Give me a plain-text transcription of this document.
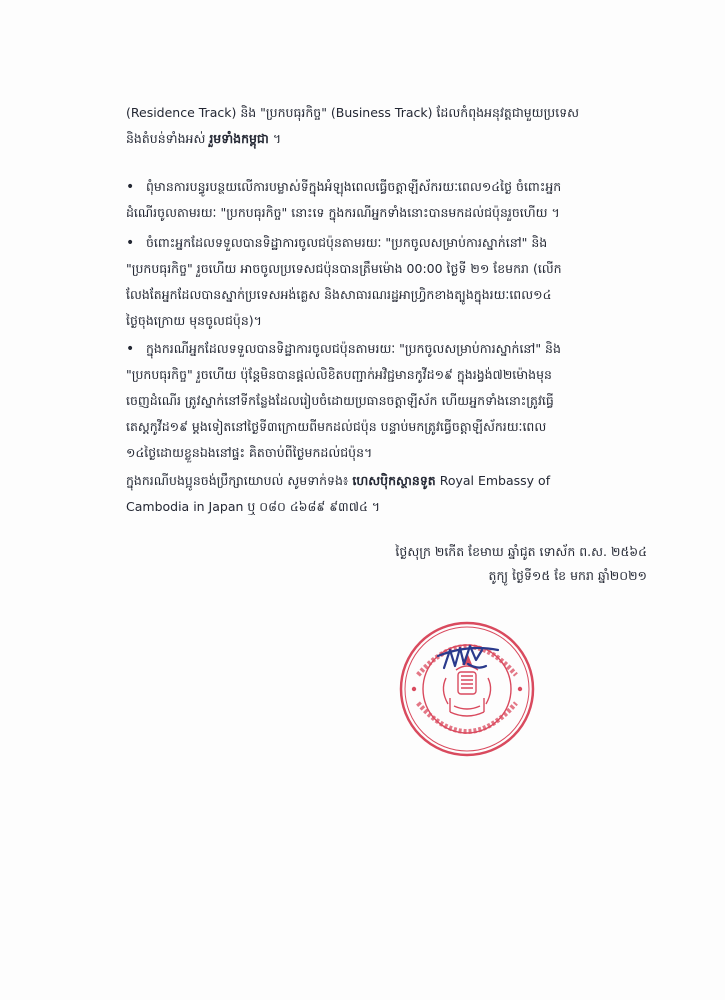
(Residence Track) និង "ប្រកបធុរកិច្ច" (Business Track) ដែលកំពុងអនុវត្តជាមួយប្រទេស
និងតំបន់ទាំងអស់ រួមទាំងកម្ពុជា ។
• ពុំមានការបន្ធូរបន្ថយលើការបម្លាស់ទីក្នុងអំឡុងពេលធ្វើចត្តាឡីស័ករយៈពេល១៤ថ្ងៃ ចំពោះអ្នក
ដំណើរចូលតាមរយៈ "ប្រកបធុរកិច្ច" នោះទេ ក្នុងករណីអ្នកទាំងនោះបានមកដល់ជប៉ុនរួចហើយ ។
• ចំពោះអ្នកដែលទទួលបានទិដ្ឋាការចូលជប៉ុនតាមរយៈ "ប្រកចូលសម្រាប់ការស្នាក់នៅ" និង
"ប្រកបធុរកិច្ច" រួចហើយ អាចចូលប្រទេសជប៉ុនបានត្រឹមម៉ោង 00:00 ថ្ងៃទី ២១ ខែមករា (លើក
លែងតែអ្នកដែលបានស្នាក់ប្រទេសអង់គ្លេស និងសាធារណរដ្ឋអាហ្វ្រិកខាងត្បូងក្នុងរយៈពេល១៤
ថ្ងៃចុងក្រោយ មុនចូលជប៉ុន)។
• ក្នុងករណីអ្នកដែលទទួលបានទិដ្ឋាការចូលជប៉ុនតាមរយៈ "ប្រកចូលសម្រាប់ការស្នាក់នៅ" និង
"ប្រកបធុរកិច្ច" រួចហើយ ប៉ុន្តែមិនបានផ្ដល់លិខិតបញ្ជាក់អវិជ្ជមានកូវីដ១៩ ក្នុងរង្វង់៧២ម៉ោងមុន
ចេញដំណើរ ត្រូវស្នាក់នៅទីកន្លែងដែលរៀបចំដោយប្រធានចត្តាឡីស័ក ហើយអ្នកទាំងនោះត្រូវធ្វើ
តេស្តកូវីដ១៩ ម្ដងទៀតនៅថ្ងៃទី៣ក្រោយពីមកដល់ជប៉ុន បន្ទាប់មកត្រូវធ្វើចត្តាឡីស័ករយៈពេល
១៤ថ្ងៃដោយខ្លួនឯងនៅផ្ទះ គិតចាប់ពីថ្ងៃមកដល់ជប៉ុន។
ក្នុងករណីបងប្អូនចង់ប្រឹក្សាយោបល់ សូមទាក់ទង៖ ហេសប៉ិកស្ថានទូត Royal Embassy of
Cambodia in Japan ឬ ០៨០ ៤៦៨៩ ៩៣៧៤ ។
ថ្ងៃសុក្រ ២កើត ខែមាឃ ឆ្នាំជូត ទោស័ក ព.ស. ២៥៦៤
តូក្យូ ថ្ងៃទី១៥ ខែ មករា ឆ្នាំ២០២១
